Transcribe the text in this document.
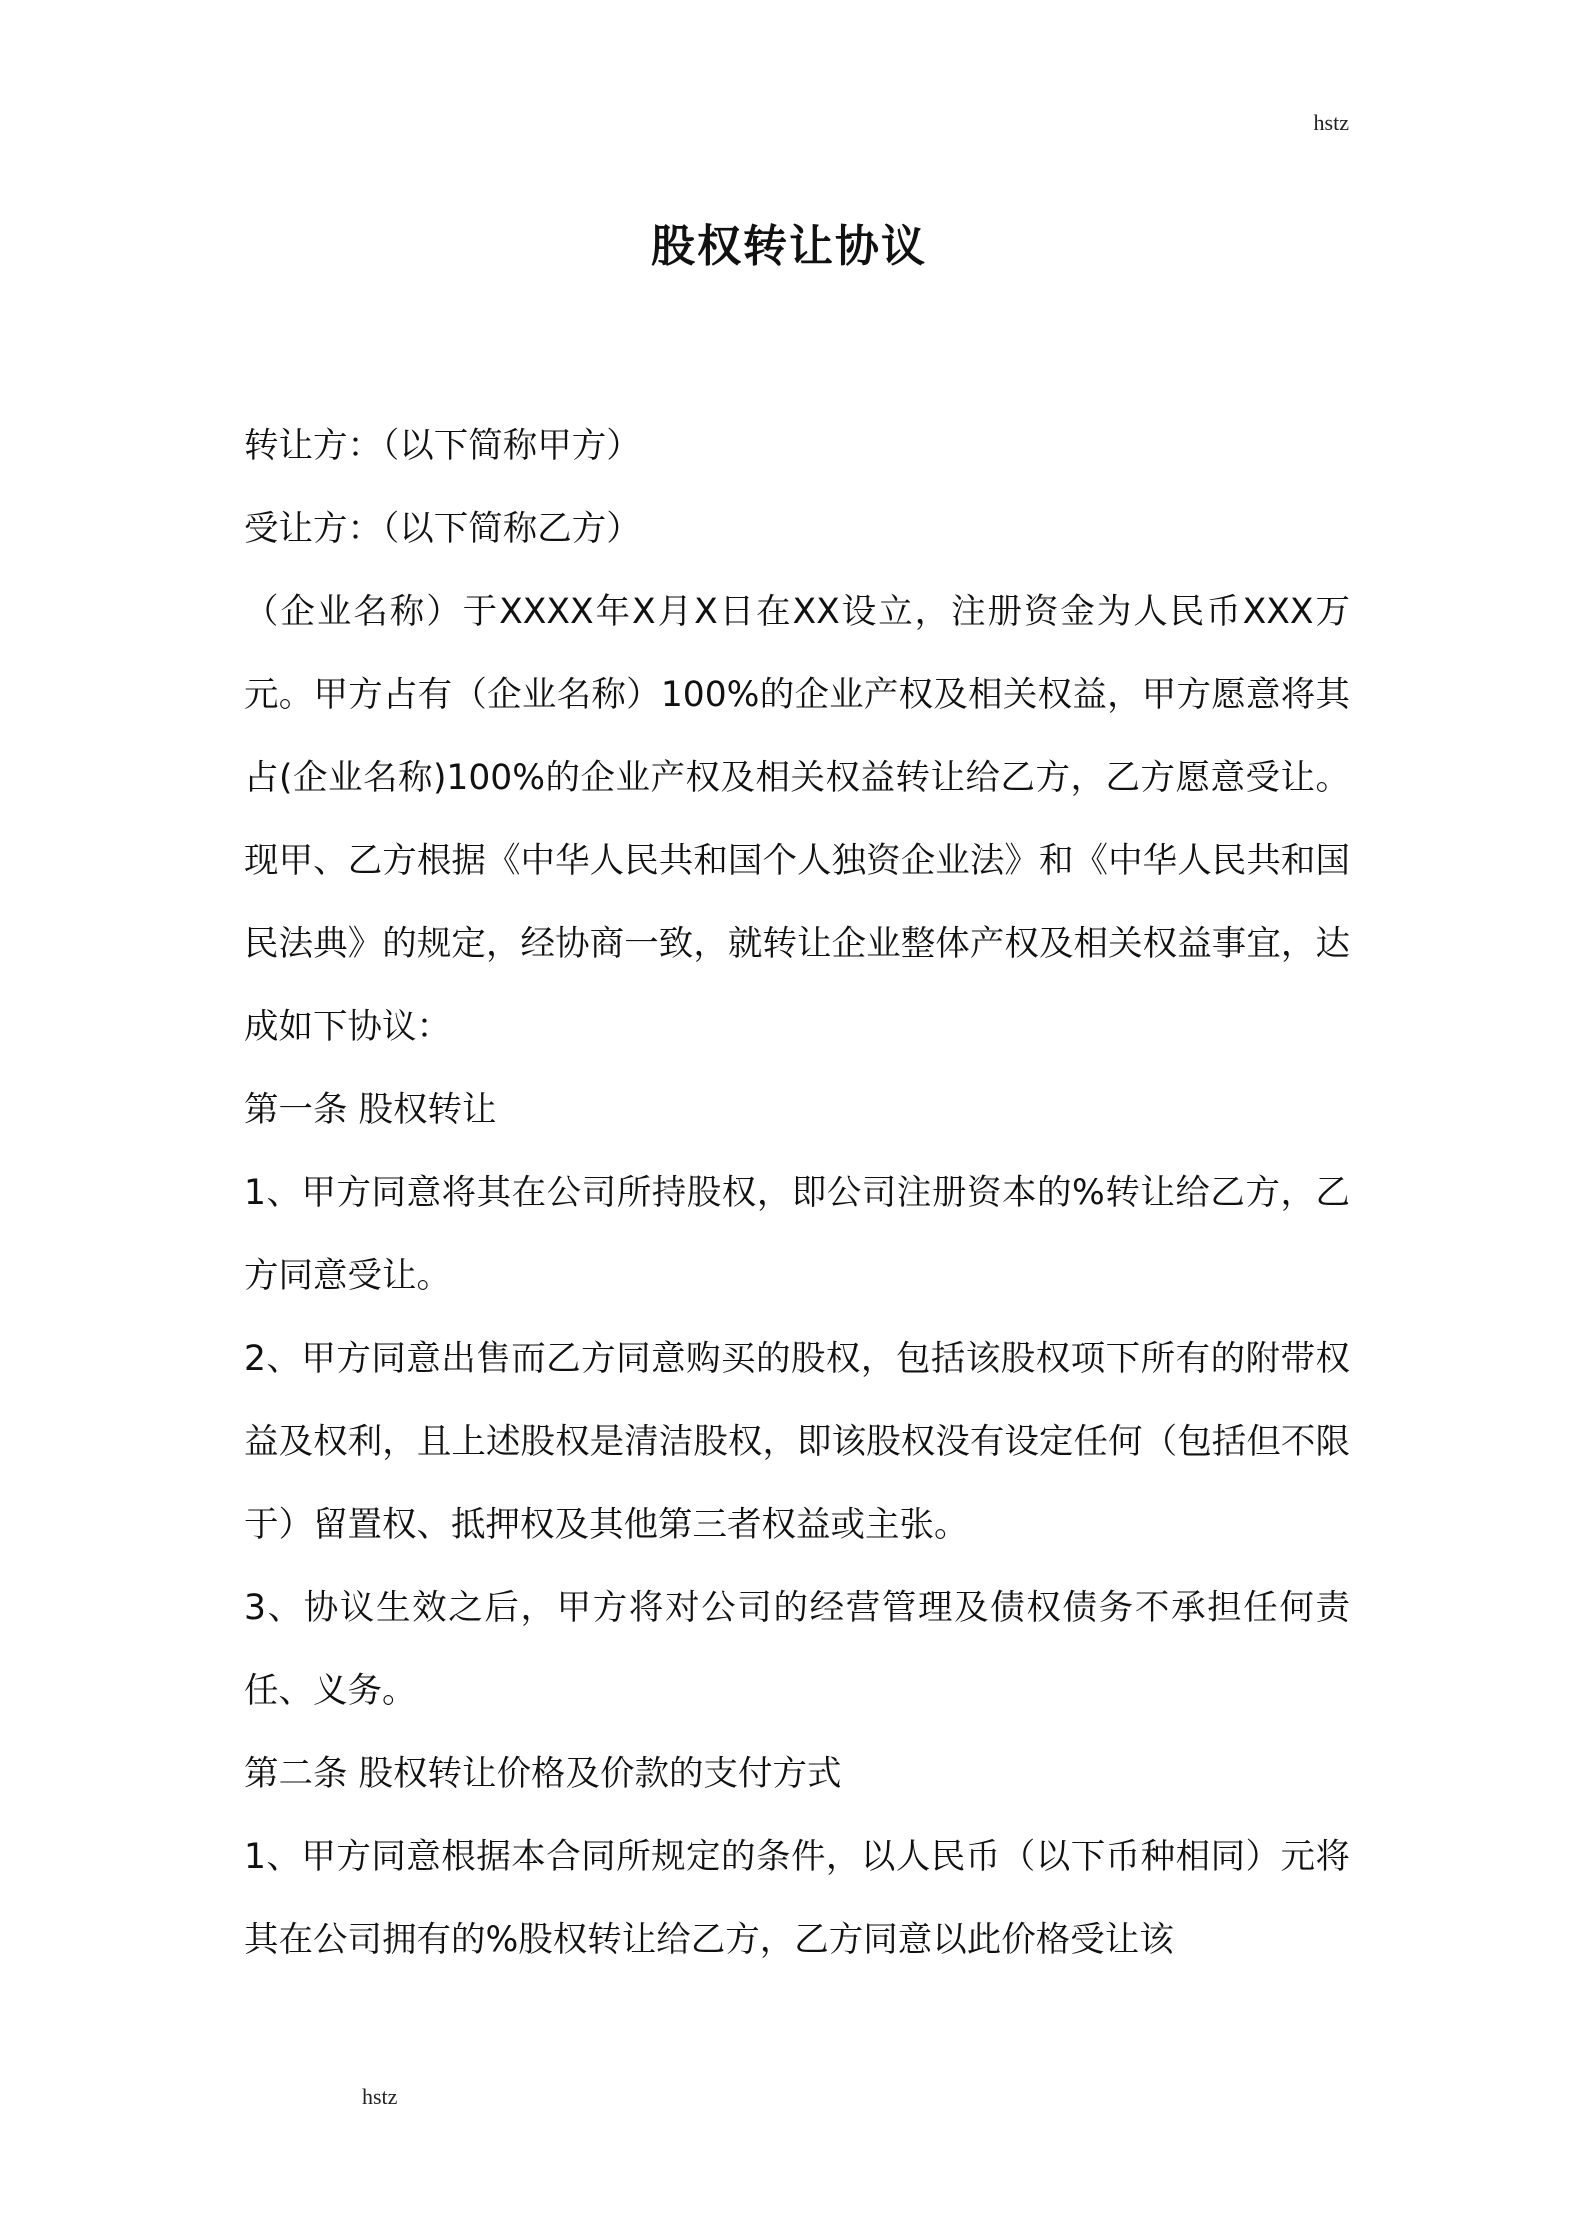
hstz
股权转让协议

转让方：（以下简称甲方）

受让方：（以下简称乙方）

（企业名称）于XXXX年X月X日在XX设立，注册资金为人民币XXX万元。甲方占有（企业名称）100%的企业产权及相关权益，甲方愿意将其占(企业名称)100%的企业产权及相关权益转让给乙方，乙方愿意受让。现甲、乙方根据《中华人民共和国个人独资企业法》和《中华人民共和国民法典》的规定，经协商一致，就转让企业整体产权及相关权益事宜，达成如下协议：

第一条 股权转让

1、甲方同意将其在公司所持股权，即公司注册资本的%转让给乙方，乙方同意受让。

2、甲方同意出售而乙方同意购买的股权，包括该股权项下所有的附带权益及权利，且上述股权是清洁股权，即该股权没有设定任何（包括但不限于）留置权、抵押权及其他第三者权益或主张。

3、协议生效之后，甲方将对公司的经营管理及债权债务不承担任何责任、义务。

第二条 股权转让价格及价款的支付方式

1、甲方同意根据本合同所规定的条件，以人民币（以下币种相同）元将其在公司拥有的%股权转让给乙方，乙方同意以此价格受让该

hstz
